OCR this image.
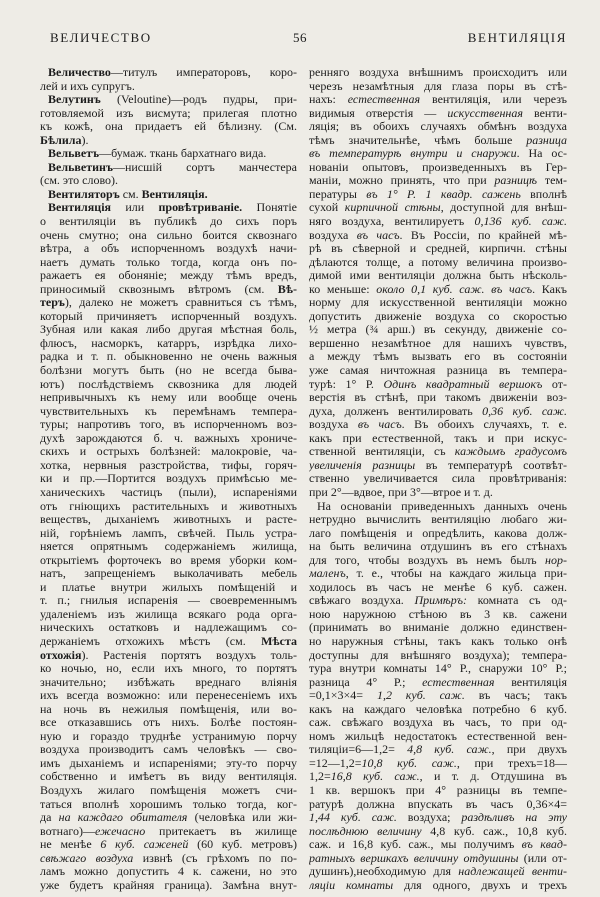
ВЕЛИЧЕСТВО	56	ВЕНТИЛЯЦІЯ
Величество—титулъ императоровъ, коро-
лей и ихъ супругъ.
Велутинъ (Veloutine)—родъ пудры, при-
готовляемой изъ висмута; прилегая плотно
къ кожѣ, она придаетъ ей бѣлизну. (См.
Бѣлила).
Вельветъ—бумаж. ткань бархатнаго вида.
Вельветинъ—нисшій сортъ манчестера
(см. это слово).
Вентиляторъ см. Вентиляція.
Вентиляція или провѣтриваніе. Понятіе
о вентиляціи въ публикѣ до сихъ поръ
очень смутно; она сильно боится сквознаго
вѣтра, а объ испорченномъ воздухѣ начи-
наетъ думать только тогда, когда онъ по-
ражаетъ ея обоняніе; между тѣмъ вредъ,
приносимый сквознымъ вѣтромъ (см. Вѣ-
теръ), далеко не можетъ сравниться съ тѣмъ,
который причиняетъ испорченный воздухъ.
Зубная или какая либо другая мѣстная боль,
флюсъ, насморкъ, катарръ, изрѣдка лихо-
радка и т. п. обыкновенно не очень важныя
болѣзни могутъ быть (но не всегда быва-
ютъ) послѣдствіемъ сквозника для людей
непривычныхъ къ нему или вообще очень
чувствительныхъ къ перемѣнамъ темпера-
туры; напротивъ того, въ испорченномъ воз-
духѣ зарождаются б. ч. важныхъ хрониче-
скихъ и острыхъ болѣзней: малокровіе, ча-
хотка, нервныя разстройства, тифы, горяч-
ки и пр.—Портится воздухъ примѣсью ме-
ханическихъ частицъ (пыли), испареніями
отъ гніющихъ растительныхъ и животныхъ
веществъ, дыханіемъ животныхъ и расте-
ній, горѣніемъ лампъ, свѣчей. Пыль устра-
няется опрятнымъ содержаніемъ жилища,
открытіемъ форточекъ во время уборки ком-
натъ, запрещеніемъ выколачивать мебель
и платье внутри жилыхъ помѣщеній и
т. п.; гнилыя испаренія — своевременнымъ
удаленіемъ изъ жилища всякаго рода орга-
ническихъ остатковъ и надлежащимъ со-
держаніемъ отхожихъ мѣстъ (см. Мѣста
отхожія). Растенія портятъ воздухъ толь-
ко ночью, но, если ихъ много, то портятъ
значительно; избѣжать вреднаго вліянія
ихъ всегда возможно: или перенесеніемъ ихъ
на ночь въ нежилыя помѣщенія, или во-
все отказавшись отъ нихъ. Болѣе постоян-
ную и гораздо труднѣе устранимую порчу
воздуха производитъ самъ человѣкъ — сво-
имъ дыханіемъ и испареніями; эту-то порчу
собственно и имѣетъ въ виду вентиляція.
Воздухъ жилаго помѣщенія можетъ счи-
таться вполнѣ хорошимъ только тогда, ког-
да на каждаго обитателя (человѣка или жи-
вотнаго)—ежечасно притекаетъ въ жилище
не менѣе 6 куб. саженей (60 куб. метровъ)
свѣжаго воздуха извнѣ (съ грѣхомъ по по-
ламъ можно допустить 4 к. сажени, но это
уже будетъ крайняя граница). Замѣна внут-
ренняго воздуха внѣшнимъ происходитъ или
черезъ незамѣтныя для глаза поры въ стѣ-
нахъ: естественная вентиляція, или черезъ
видимыя отверстія — искусственная венти-
ляція; въ обоихъ случаяхъ обмѣнъ воздуха
тѣмъ значительнѣе, чѣмъ больше разница
въ температурѣ внутри и снаружи. На ос-
нованіи опытовъ, произведенныхъ въ Гер-
маніи, можно принять, что при разницѣ тем-
пературы въ 1° Р. 1 квадр. сажень вполнѣ
сухой кирпичной стѣны, доступной для внѣш-
няго воздуха, вентилируетъ 0,136 куб. саж.
воздуха въ часъ. Въ Россіи, по крайней мѣ-
рѣ въ сѣверной и средней, кирпичн. стѣны
дѣлаются толще, а потому величина произво-
димой ими вентиляціи должна быть нѣсколь-
ко меньше: около 0,1 куб. саж. въ часъ. Какъ
норму для искусственной вентиляціи можно
допустить движеніе воздуха со скоростью
½ метра (¾ арш.) въ секунду, движеніе со-
вершенно незамѣтное для нашихъ чувствъ,
а между тѣмъ вызвать его въ состояніи
уже самая ничтожная разница въ темпера-
турѣ: 1° Р. Одинъ квадратный вершокъ от-
верстія въ стѣнѣ, при такомъ движеніи воз-
духа, долженъ вентилировать 0,36 куб. саж.
воздуха въ часъ. Въ обоихъ случаяхъ, т. е.
какъ при естественной, такъ и при искус-
ственной вентиляціи, съ каждымъ градусомъ
увеличенія разницы въ температурѣ соотвѣт-
ственно увеличивается сила провѣтриванія:
при 2°—вдвое, при 3°—втрое и т. д.
На основаніи приведенныхъ данныхъ очень
нетрудно вычислить вентиляцію любаго жи-
лаго помѣщенія и опредѣлить, какова долж-
на быть величина отдушинъ въ его стѣнахъ
для того, чтобы воздухъ въ немъ былъ нор-
маленъ, т. е., чтобы на каждаго жильца при-
ходилось въ часъ не менѣе 6 куб. сажен.
свѣжаго воздуха. Примѣръ: комната съ од-
ною наружною стѣною въ 3 кв. сажени
(принимать во вниманіе должно единствен-
но наружныя стѣны, такъ какъ только онѣ
доступны для внѣшняго воздуха); темпера-
тура внутри комнаты 14° Р., снаружи 10° Р.;
разница 4° Р.; естественная вентиляція
=0,1×3×4= 1,2 куб. саж. въ часъ; такъ
какъ на каждаго человѣка потребно 6 куб.
саж. свѣжаго воздуха въ часъ, то при од-
номъ жильцѣ недостатокъ естественной вен-
тиляціи=6—1,2= 4,8 куб. саж., при двухъ
=12—1,2=10,8 куб. саж., при трехъ=18—
1,2=16,8 куб. саж., и т. д. Отдушина въ
1 кв. вершокъ при 4° разницы въ темпе-
ратурѣ должна впускать въ часъ 0,36×4=
1,44 куб. саж. воздуха; раздѣливъ на эту
послѣднюю величину 4,8 куб. саж., 10,8 куб.
саж. и 16,8 куб. саж., мы получимъ въ квад-
ратныхъ вершкахъ величину отдушины (или от-
душинъ),необходимую для надлежащей венти-
ляціи комнаты для одного, двухъ и трехъ
